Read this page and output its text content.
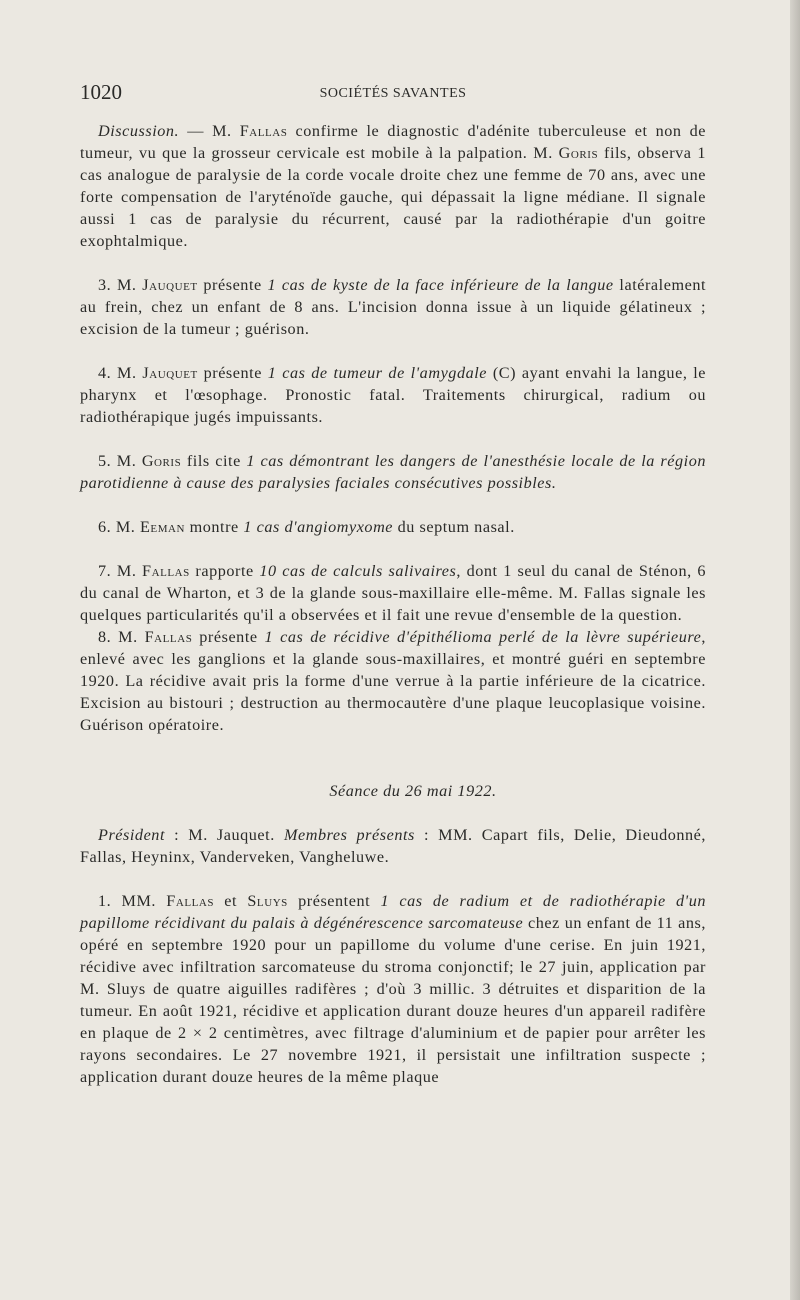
1020	SOCIÉTÉS SAVANTES

Discussion. — M. Fallas confirme le diagnostic d'adénite tuberculeuse et non de tumeur, vu que la grosseur cervicale est mobile à la palpation. M. Goris fils, observa 1 cas analogue de paralysie de la corde vocale droite chez une femme de 70 ans, avec une forte compensation de l'aryténoïde gauche, qui dépassait la ligne médiane. Il signale aussi 1 cas de paralysie du récurrent, causé par la radiothérapie d'un goitre exophtalmique.

3. M. Jauquet présente 1 cas de kyste de la face inférieure de la langue latéralement au frein, chez un enfant de 8 ans. L'incision donna issue à un liquide gélatineux ; excision de la tumeur ; guérison.

4. M. Jauquet présente 1 cas de tumeur de l'amygdale (C) ayant envahi la langue, le pharynx et l'œsophage. Pronostic fatal. Traitements chirurgical, radium ou radiothérapique jugés impuissants.

5. M. Goris fils cite 1 cas démontrant les dangers de l'anesthésie locale de la région parotidienne à cause des paralysies faciales consécutives possibles.

6. M. Eeman montre 1 cas d'angiomyxome du septum nasal.

7. M. Fallas rapporte 10 cas de calculs salivaires, dont 1 seul du canal de Sténon, 6 du canal de Wharton, et 3 de la glande sous-maxillaire elle-même. M. Fallas signale les quelques particularités qu'il a observées et il fait une revue d'ensemble de la question.

8. M. Fallas présente 1 cas de récidive d'épithélioma perlé de la lèvre supérieure, enlevé avec les ganglions et la glande sous-maxillaires, et montré guéri en septembre 1920. La récidive avait pris la forme d'une verrue à la partie inférieure de la cicatrice. Excision au bistouri ; destruction au thermocautère d'une plaque leucoplasique voisine. Guérison opératoire.

Séance du 26 mai 1922.

Président : M. Jauquet. Membres présents : MM. Capart fils, Delie, Dieudonné, Fallas, Heyninx, Vanderveken, Vangheluwe.

1. MM. Fallas et Sluys présentent 1 cas de radium et de radiothérapie d'un papillome récidivant du palais à dégénérescence sarcomateuse chez un enfant de 11 ans, opéré en septembre 1920 pour un papillome du volume d'une cerise. En juin 1921, récidive avec infiltration sarcomateuse du stroma conjonctif; le 27 juin, application par M. Sluys de quatre aiguilles radifères ; d'où 3 millic. 3 détruites et disparition de la tumeur. En août 1921, récidive et application durant douze heures d'un appareil radifère en plaque de 2 × 2 centimètres, avec filtrage d'aluminium et de papier pour arrêter les rayons secondaires. Le 27 novembre 1921, il persistait une infiltration suspecte ; application durant douze heures de la même plaque
